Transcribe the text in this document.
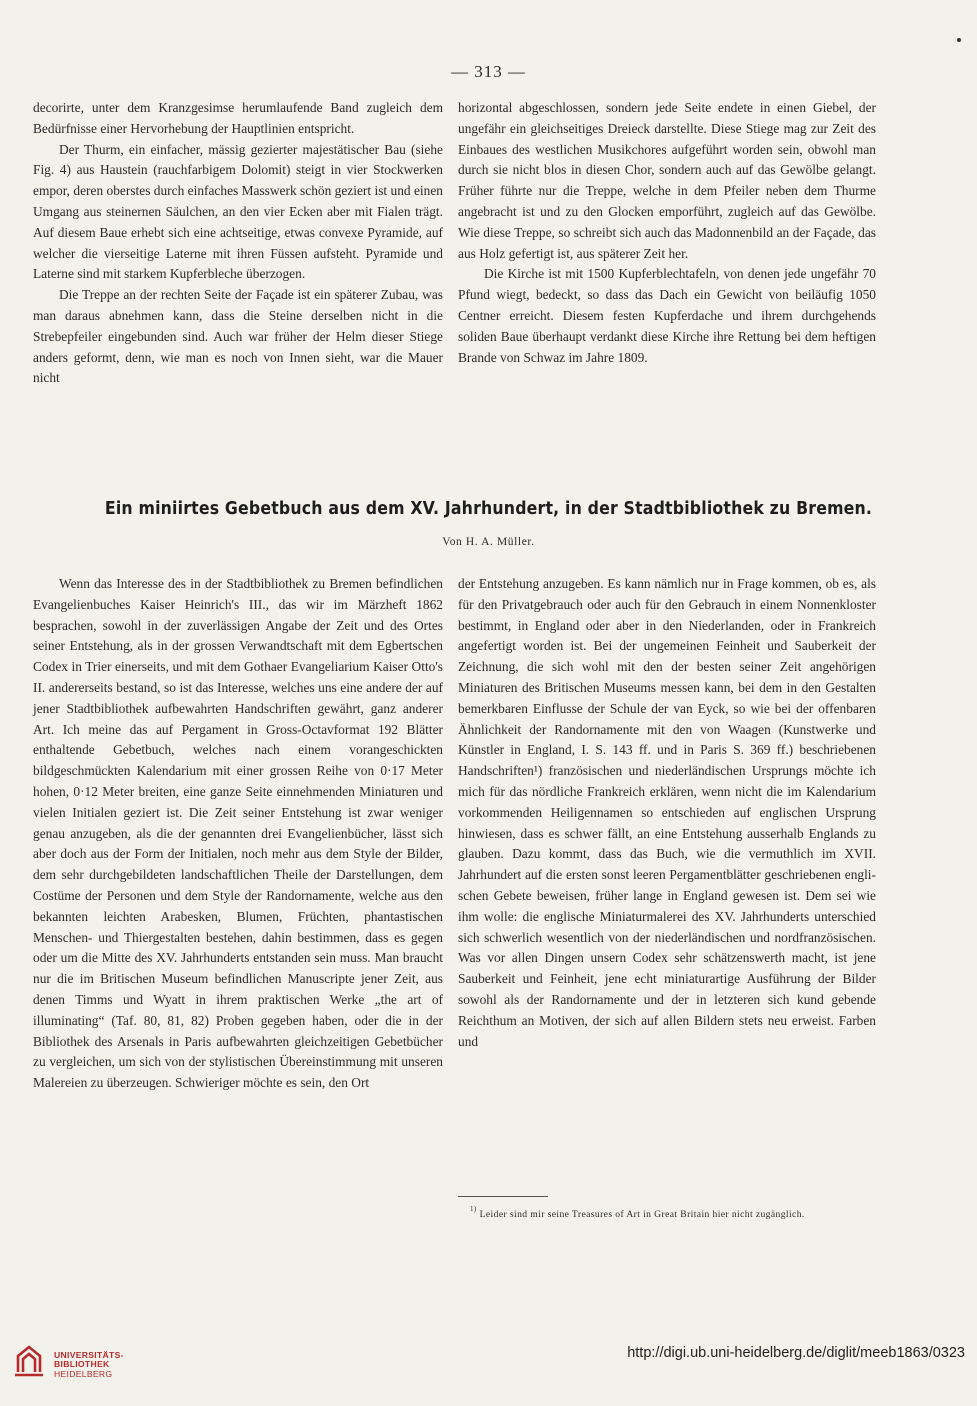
— 313 —

decorirte, unter dem Kranzgesimse herumlaufende Band zugleich dem Bedürfnisse einer Hervorhebung der Hauptlinien entspricht.

Der Thurm, ein einfacher, mässig gezierter majestätischer Bau (siehe Fig. 4) aus Haustein (rauchfarbigem Dolomit) steigt in vier Stockwerken empor, deren oberstes durch einfaches Masswerk schön geziert ist und einen Umgang aus steinernen Säulchen, an den vier Ecken aber mit Fialen trägt. Auf diesem Baue erhebt sich eine achtseitige, etwas convexe Pyramide, auf welcher die vierseitige Laterne mit ihren Füssen aufsteht. Pyramide und Laterne sind mit starkem Kupferbleche überzogen.

Die Treppe an der rechten Seite der Façade ist ein späterer Zubau, was man daraus abnehmen kann, dass die Steine derselben nicht in die Strebepfeiler eingebunden sind. Auch war früher der Helm dieser Stiege anders geformt, denn, wie man es noch von Innen sieht, war die Mauer nicht

horizontal abgeschlossen, sondern jede Seite endete in einen Giebel, der ungefähr ein gleichseitiges Dreieck darstellte. Diese Stiege mag zur Zeit des Einbaues des westlichen Musikchores aufgeführt worden sein, obwohl man durch sie nicht blos in diesen Chor, sondern auch auf das Gewölbe gelangt. Früher führte nur die Treppe, welche in dem Pfeiler neben dem Thurme angebracht ist und zu den Glocken emporführt, zugleich auf das Gewölbe. Wie diese Treppe, so schreibt sich auch das Madonnenbild an der Façade, das aus Holz gefertigt ist, aus späterer Zeit her.

Die Kirche ist mit 1500 Kupferblechtafeln, von denen jede ungefähr 70 Pfund wiegt, bedeckt, so dass das Dach ein Gewicht von beiläufig 1050 Centner erreicht. Diesem festen Kupferdache und ihrem durchgehends soliden Baue überhaupt verdankt diese Kirche ihre Rettung bei dem heftigen Brande von Schwaz im Jahre 1809.

Ein miniirtes Gebetbuch aus dem XV. Jahrhundert, in der Stadtbibliothek zu Bremen.
Von H. A. Müller.

Wenn das Interesse des in der Stadtbibliothek zu Bremen befindlichen Evangelienbuches Kaiser Heinrich's III., das wir im Märzheft 1862 besprachen, sowohl in der zuverlässigen Angabe der Zeit und des Ortes seiner Entstehung, als in der grossen Verwandtschaft mit dem Egbertschen Codex in Trier einerseits, und mit dem Gothaer Evangeliarium Kaiser Otto's II. andererseits bestand, so ist das Interesse, welches uns eine andere der auf jener Stadtbibliothek aufbewahrten Handschriften gewährt, ganz anderer Art. Ich meine das auf Pergament in Gross-Octavformat 192 Blätter enthaltende Gebetbuch, welches nach einem vorangeschickten bildgeschmückten Kalendarium mit einer grossen Reihe von 0·17 Meter hohen, 0·12 Meter breiten, eine ganze Seite einnehmenden Miniaturen und vielen Initialen geziert ist. Die Zeit seiner Entstehung ist zwar weniger genau anzugeben, als die der genannten drei Evangelienbücher, lässt sich aber doch aus der Form der Initialen, noch mehr aus dem Style der Bilder, dem sehr durchgebildeten landschaftlichen Theile der Darstellungen, dem Costüme der Personen und dem Style der Randornamente, welche aus den bekannten leichten Arabesken, Blumen, Früchten, phantastischen Menschen- und Thiergestalten bestehen, dahin bestimmen, dass es gegen oder um die Mitte des XV. Jahrhunderts entstanden sein muss. Man braucht nur die im Britischen Museum befindlichen Manuscripte jener Zeit, aus denen Timms und Wyatt in ihrem praktischen Werke „the art of illuminating“ (Taf. 80, 81, 82) Proben gegeben haben, oder die in der Bibliothek des Arsenals in Paris aufbewahrten gleichzeitigen Gebetbücher zu vergleichen, um sich von der stylistischen Übereinstimmung mit unseren Malereien zu überzeugen. Schwieriger möchte es sein, den Ort

der Entstehung anzugeben. Es kann nämlich nur in Frage kommen, ob es, als für den Privatgebrauch oder auch für den Gebrauch in einem Nonnenkloster bestimmt, in England oder aber in den Niederlanden, oder in Frankreich angefertigt worden ist. Bei der ungemeinen Feinheit und Sauberkeit der Zeichnung, die sich wohl mit den der besten seiner Zeit angehörigen Miniaturen des Britischen Museums messen kann, bei dem in den Gestalten bemerkbaren Einflusse der Schule der van Eyck, so wie bei der offenbaren Ähnlichkeit der Randornamente mit den von Waagen (Kunstwerke und Künstler in England, I. S. 143 ff. und in Paris S. 369 ff.) beschriebenen Handschriften¹) französischen und niederländischen Ursprungs möchte ich mich für das nördliche Frankreich erklären, wenn nicht die im Kalendarium vorkommenden Heiligennamen so entschieden auf englischen Ursprung hinwiesen, dass es schwer fällt, an eine Entstehung ausserhalb Englands zu glauben. Dazu kommt, dass das Buch, wie die vermuthlich im XVII. Jahrhundert auf die ersten sonst leeren Pergamentblätter geschriebenen englischen Gebete beweisen, früher lange in England gewesen ist. Dem sei wie ihm wolle: die englische Miniaturmalerei des XV. Jahrhunderts unterschied sich schwerlich wesentlich von der niederländischen und nordfranzösischen. Was vor allen Dingen unsern Codex sehr schätzenswerth macht, ist jene Sauberkeit und Feinheit, jene echt miniaturartige Ausführung der Bilder sowohl als der Randornamente und der in letzteren sich kund gebende Reichthum an Motiven, der sich auf allen Bildern stets neu erweist. Farben und

$^{1)}$Leider sind mir seine Treasures of Art in Great Britain hier nicht zugänglich.
UNIVERSITÄTS-
BIBLIOTHEK
HEIDELBERG
http://digi.ub.uni-heidelberg.de/diglit/meeb1863/0323
